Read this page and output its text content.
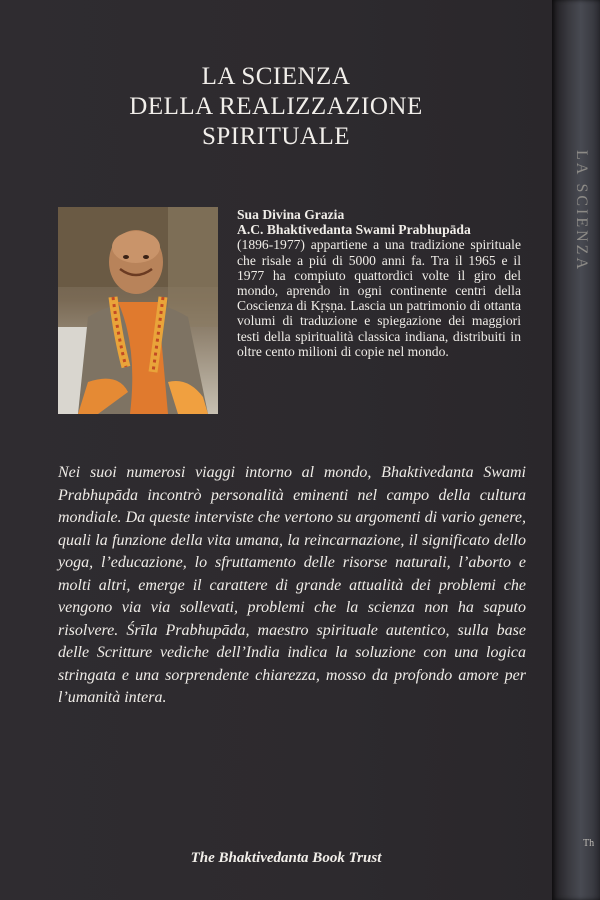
LA SCIENZA
Th
LA SCIENZA
DELLA REALIZZAZIONE
SPIRITUALE
Sua Divina Grazia
A.C. Bhaktivedanta Swami Prabhupāda
(1896-1977) appartiene a una tradizione spirituale che risale a piú di 5000 anni fa. Tra il 1965 e il 1977 ha compiuto quattordici volte il giro del mondo, aprendo in ogni continente centri della Coscienza di Kṛṣṇa. Lascia un patrimonio di ottanta volumi di traduzione e spiegazione dei maggiori testi della spiritualità classica indiana, distribuiti in oltre cento milioni di copie nel mondo.
Nei suoi numerosi viaggi intorno al mondo, Bhaktivedanta Swami Prabhupāda incontrò personalità eminenti nel campo della cultura mondiale. Da queste interviste che vertono su argomenti di vario genere, quali la funzione della vita umana, la reincarnazione, il significato dello yoga, l’educazione, lo sfruttamento delle risorse naturali, l’aborto e molti altri, emerge il carattere di grande attualità dei problemi che vengono via via sollevati, problemi che la scienza non ha saputo risolvere. Śrīla Prabhupāda, maestro spirituale autentico, sulla base delle Scritture vediche dell’India indica la soluzione con una logica stringata e una sorprendente chiarezza, mosso da profondo amore per l’umanità intera.
The Bhaktivedanta Book Trust
